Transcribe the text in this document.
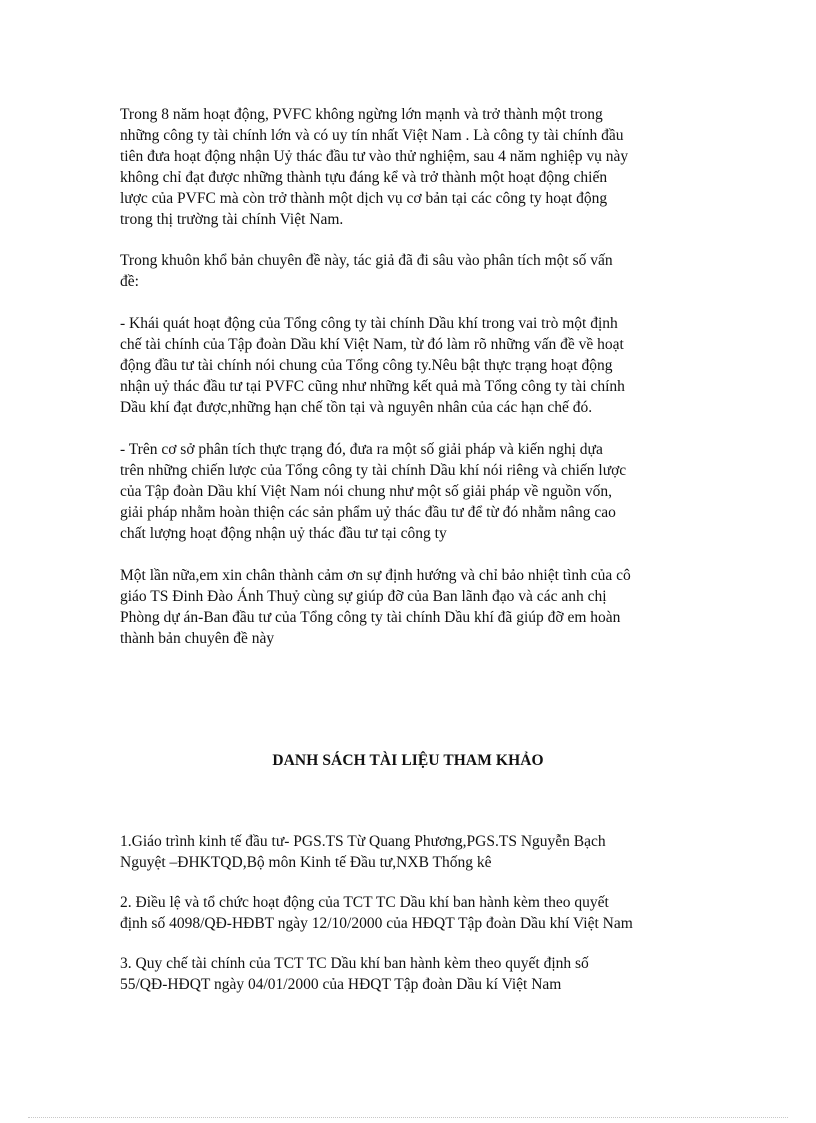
Trong 8 năm hoạt động, PVFC không ngừng lớn mạnh và trở thành một trong
những công ty tài chính lớn và có uy tín nhất Việt Nam . Là công ty tài chính đầu
tiên đưa hoạt động nhận Uỷ thác đầu tư vào thử nghiệm, sau 4 năm nghiệp vụ này
không chỉ đạt được những thành tựu đáng kể và trở thành một hoạt động chiến
lược của PVFC mà còn trở thành một dịch vụ cơ bản tại các công ty hoạt động
trong thị trường tài chính Việt Nam.

Trong khuôn khổ bản chuyên đề này, tác giả đã đi sâu vào phân tích một số vấn
đề:

- Khái quát hoạt động của Tổng công ty tài chính Dầu khí trong vai trò một định
chế tài chính của Tập đoàn Dầu khí Việt Nam, từ đó làm rõ những vấn đề về hoạt
động đầu tư tài chính nói chung của Tổng công ty.Nêu bật thực trạng hoạt động
nhận uỷ thác đầu tư tại PVFC cũng như những kết quả mà Tổng công ty tài chính
Dầu khí đạt được,những hạn chế tồn tại và nguyên nhân của các hạn chế đó.

- Trên cơ sở phân tích thực trạng đó, đưa ra một số giải pháp và kiến nghị dựa
trên những chiến lược của Tổng công ty tài chính Dầu khí nói riêng và chiến lược
của Tập đoàn Dầu khí Việt Nam nói chung như một số giải pháp về nguồn vốn,
giải pháp nhằm hoàn thiện các sản phẩm uỷ thác đầu tư để từ đó nhằm nâng cao
chất lượng hoạt động nhận uỷ thác đầu tư tại công ty

Một lần nữa,em xin chân thành cảm ơn sự định hướng và chỉ bảo nhiệt tình của cô
giáo TS Đinh Đào Ánh Thuỷ cùng sự giúp đỡ của Ban lãnh đạo và các anh chị
Phòng dự án-Ban đầu tư của Tổng công ty tài chính Dầu khí đã giúp đỡ em hoàn
thành bản chuyên đề này

DANH SÁCH TÀI LIỆU THAM KHẢO

1.Giáo trình kinh tế đầu tư- PGS.TS Từ Quang Phương,PGS.TS Nguyễn Bạch
Nguyệt –ĐHKTQD,Bộ môn Kinh tế Đầu tư,NXB Thống kê

2. Điều lệ và tổ chức hoạt động của TCT TC Dầu khí ban hành kèm theo quyết
định số 4098/QĐ-HĐBT ngày 12/10/2000 của HĐQT Tập đoàn Dầu khí Việt Nam

3. Quy chế tài chính của TCT TC Dầu khí ban hành kèm theo quyết định số
55/QĐ-HĐQT ngày 04/01/2000 của HĐQT Tập đoàn Dầu kí Việt Nam
